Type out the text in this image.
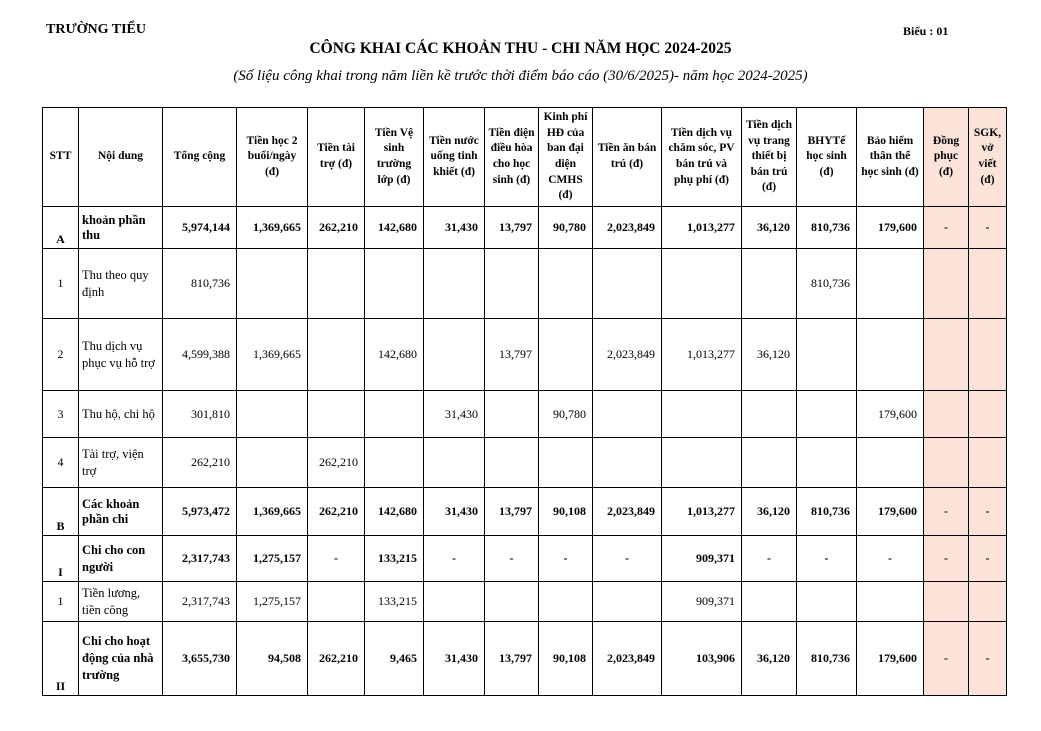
TRƯỜNG TIỂU	Biểu : 01
CÔNG KHAI CÁC KHOẢN THU - CHI NĂM HỌC 2024-2025
(Số liệu công khai trong năm liền kề trước thời điểm báo cáo (30/6/2025)- năm học 2024-2025)
STT	Nội dung	Tổng cộng	Tiền học 2 buổi/ngày (đ)	Tiền tài trợ (đ)	Tiền Vệ sinh trường lớp (đ)	Tiền nước uống tinh khiết (đ)	Tiền điện điều hòa cho học sinh (đ)	Kinh phí HĐ của ban đại diện CMHS (đ)	Tiền ăn bán trú (đ)	Tiền dịch vụ chăm sóc, PV bán trú và phụ phí (đ)	Tiền dịch vụ trang thiết bị bán trú (đ)	BHYTế học sinh (đ)	Bảo hiểm thân thể học sinh (đ)	Đồng phục (đ)	SGK, vở viết (đ)
A	khoản phần thu	5,974,144	1,369,665	262,210	142,680	31,430	13,797	90,780	2,023,849	1,013,277	36,120	810,736	179,600	-	-
1	Thu theo quy định	810,736										810,736			
2	Thu dịch vụ phục vụ hỗ trợ	4,599,388	1,369,665		142,680		13,797		2,023,849	1,013,277	36,120				
3	Thu hộ, chi hộ	301,810				31,430		90,780					179,600		
4	Tài trợ, viện trợ	262,210		262,210											
B	Các khoản phần chi	5,973,472	1,369,665	262,210	142,680	31,430	13,797	90,108	2,023,849	1,013,277	36,120	810,736	179,600	-	-
I	Chi cho con người	2,317,743	1,275,157	-	133,215	-	-	-	-	909,371	-	-	-	-	-
1	Tiền lương, tiền công	2,317,743	1,275,157		133,215					909,371					
II	Chi cho hoạt động của nhà trường	3,655,730	94,508	262,210	9,465	31,430	13,797	90,108	2,023,849	103,906	36,120	810,736	179,600	-	-
